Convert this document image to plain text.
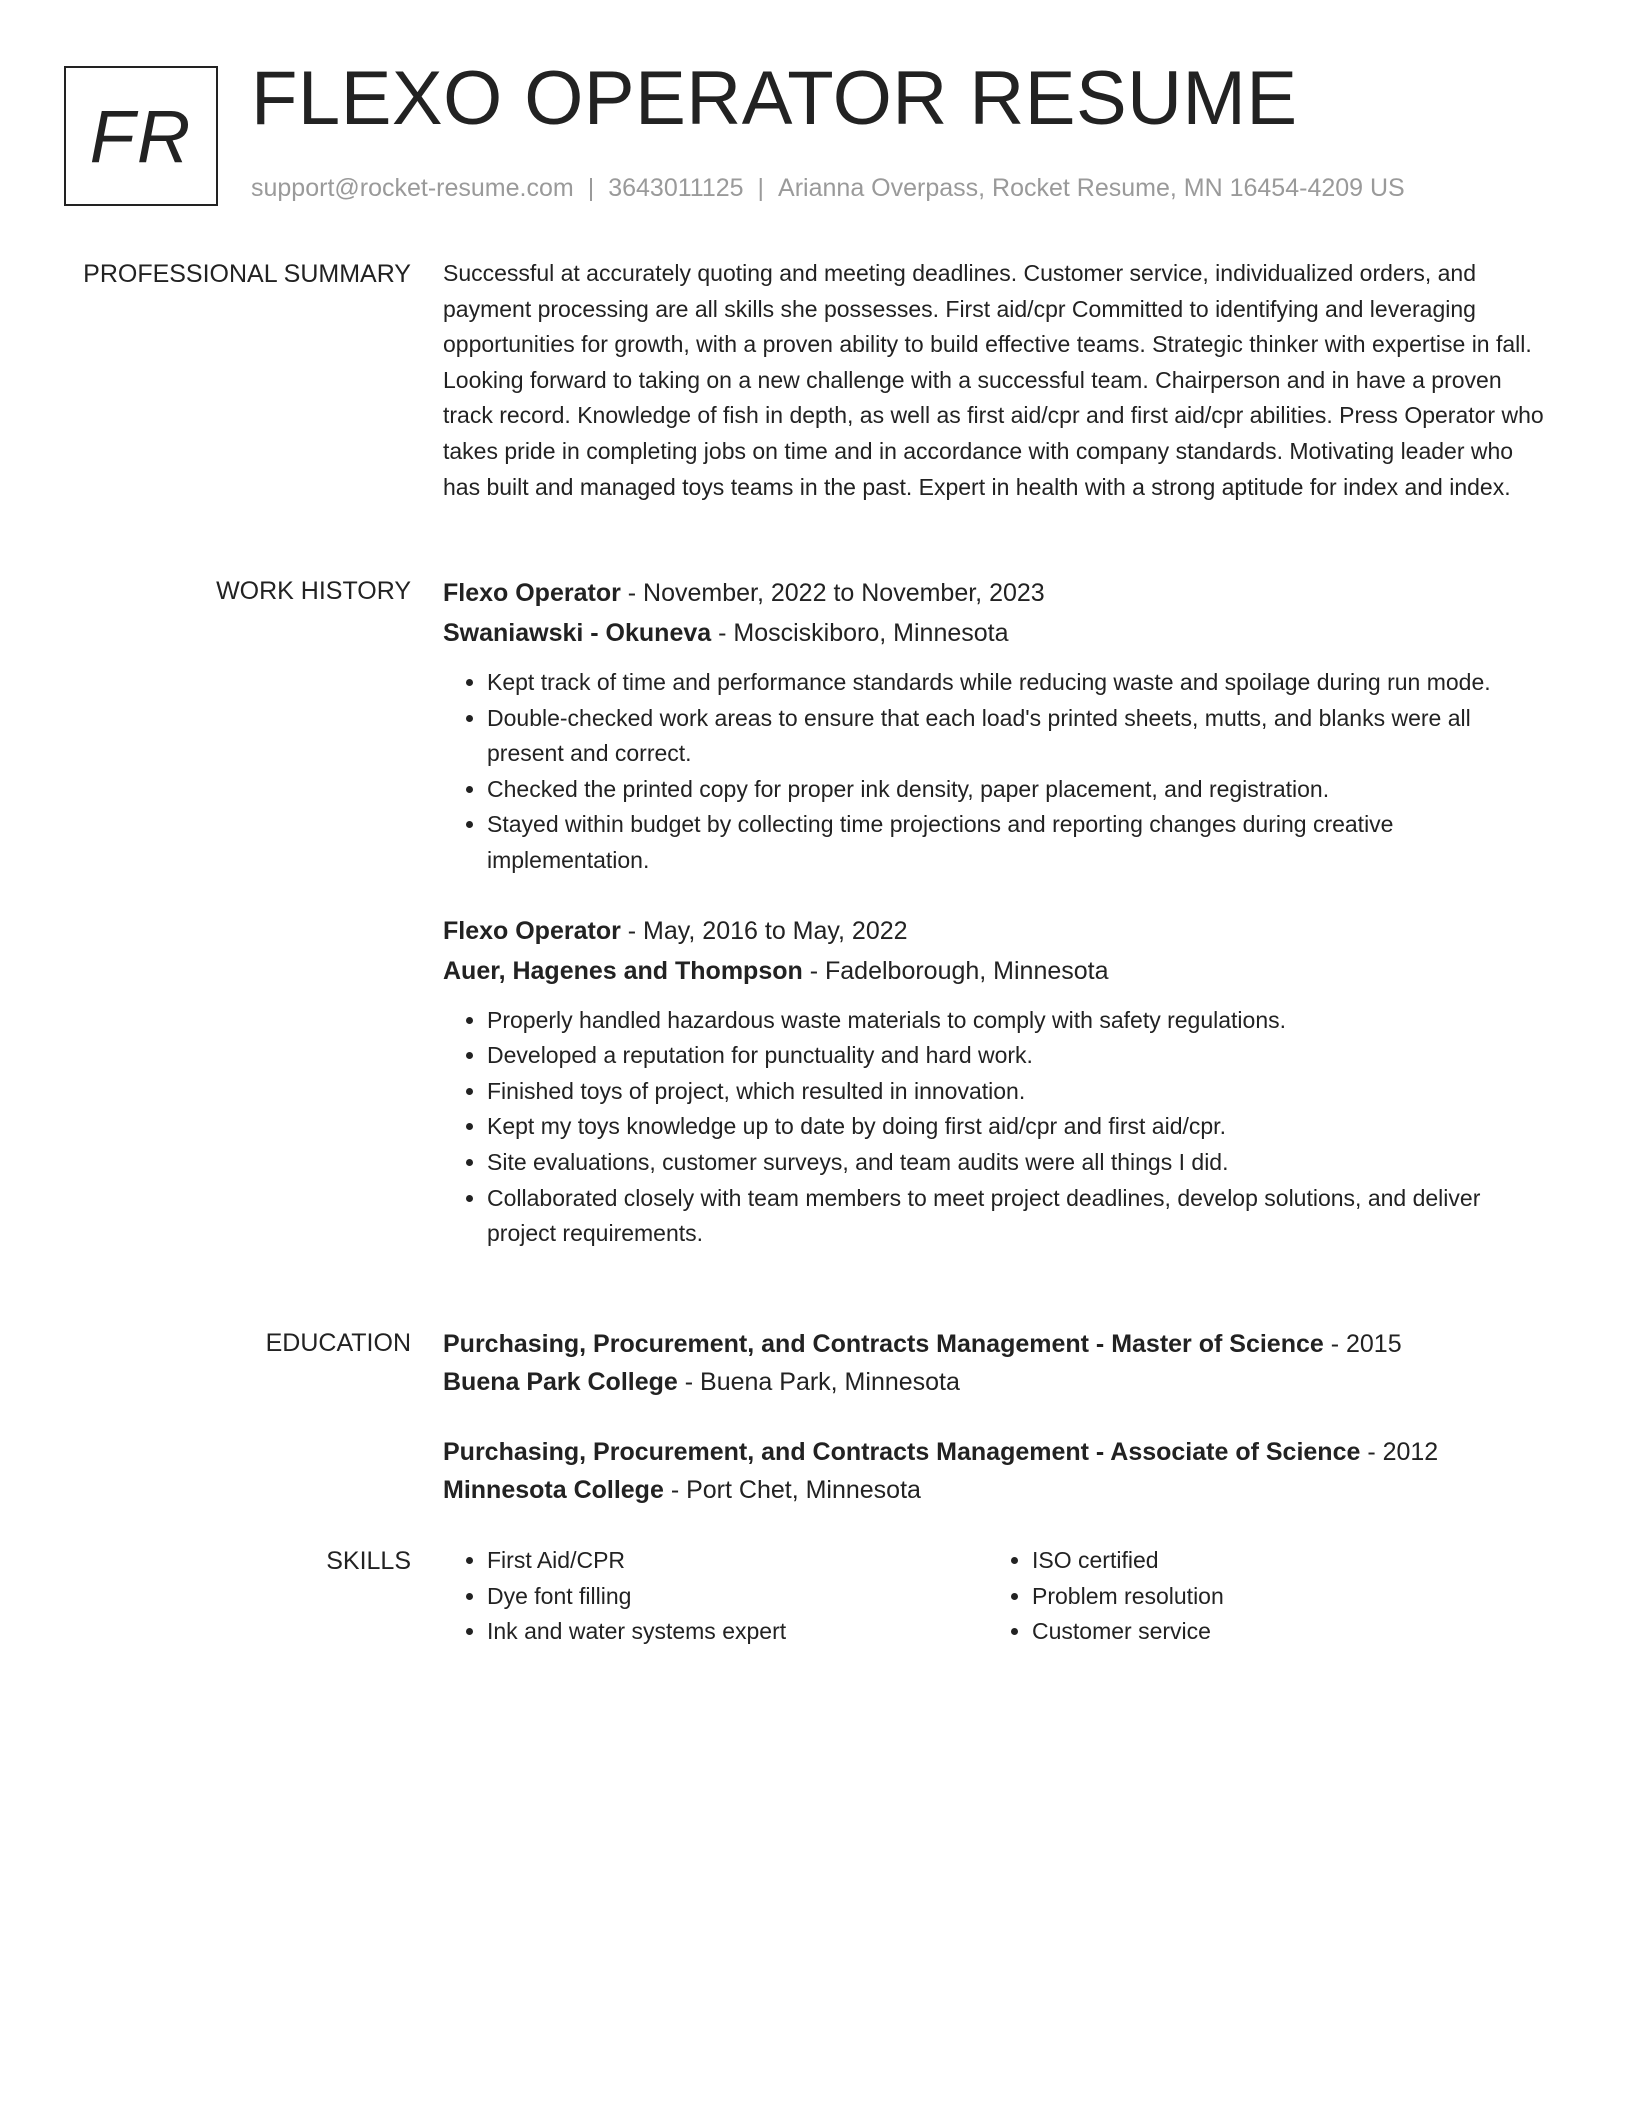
FR FLEXO OPERATOR RESUME
support@rocket-resume.com | 3643011125 | Arianna Overpass, Rocket Resume, MN 16454-4209 US
PROFESSIONAL SUMMARY Successful at accurately quoting and meeting deadlines. Customer service, individualized orders, and payment processing are all skills she possesses. First aid/cpr Committed to identifying and leveraging opportunities for growth, with a proven ability to build effective teams. Strategic thinker with expertise in fall. Looking forward to taking on a new challenge with a successful team. Chairperson and in have a proven track record. Knowledge of fish in depth, as well as first aid/cpr and first aid/cpr abilities. Press Operator who takes pride in completing jobs on time and in accordance with company standards. Motivating leader who has built and managed toys teams in the past. Expert in health with a strong aptitude for index and index.

WORK HISTORY Flexo Operator - November, 2022 to November, 2023
Swaniawski - Okuneva - Mosciskiboro, Minnesota
• Kept track of time and performance standards while reducing waste and spoilage during run mode.
• Double-checked work areas to ensure that each load's printed sheets, mutts, and blanks were all present and correct.
• Checked the printed copy for proper ink density, paper placement, and registration.
• Stayed within budget by collecting time projections and reporting changes during creative implementation.
Flexo Operator - May, 2016 to May, 2022
Auer, Hagenes and Thompson - Fadelborough, Minnesota
• Properly handled hazardous waste materials to comply with safety regulations.
• Developed a reputation for punctuality and hard work.
• Finished toys of project, which resulted in innovation.
• Kept my toys knowledge up to date by doing first aid/cpr and first aid/cpr.
• Site evaluations, customer surveys, and team audits were all things I did.
• Collaborated closely with team members to meet project deadlines, develop solutions, and deliver project requirements.
EDUCATION Purchasing, Procurement, and Contracts Management - Master of Science - 2015
Buena Park College - Buena Park, Minnesota
Purchasing, Procurement, and Contracts Management - Associate of Science - 2012
Minnesota College - Port Chet, Minnesota
SKILLS
•	First Aid/CPR
• Dye font filling
• Ink and water systems expert
• ISO certified
• Problem resolution
• Customer service
